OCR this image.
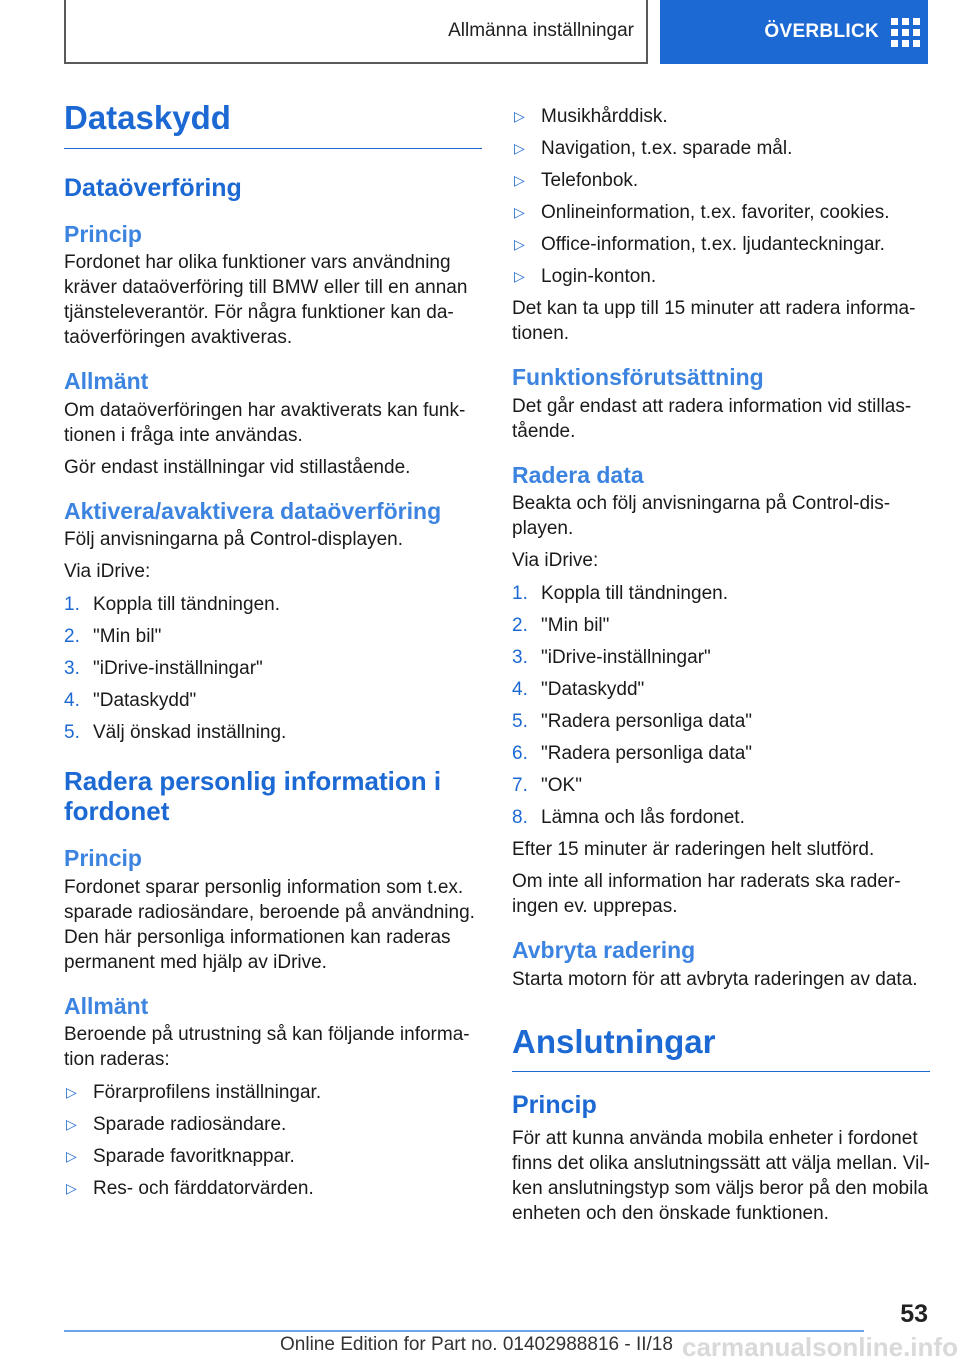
Allmänna inställningar	ÖVERBLICK
Dataskydd
Dataöverföring
Princip

Fordonet har olika funktioner vars användning kräver dataöverföring till BMW eller till en annan tjänsteleverantör. För några funktioner kan da-taöverföringen avaktiveras.

Allmänt

Om dataöverföringen har avaktiverats kan funk-tionen i fråga inte användas.

Gör endast inställningar vid stillastående.

Aktivera/avaktivera dataöverföring

Följ anvisningarna på Control-displayen.

Via iDrive:

1. Koppla till tändningen.
2. "Min bil"
3. "iDrive-inställningar"
4. "Dataskydd"
5. Välj önskad inställning.
Radera personlig information i fordonet
Princip

Fordonet sparar personlig information som t.ex. sparade radiosändare, beroende på användning. Den här personliga informationen kan raderas permanent med hjälp av iDrive.

Allmänt

Beroende på utrustning så kan följande informa-tion raderas:

▷ Förarprofilens inställningar.
▷ Sparade radiosändare.
▷ Sparade favoritknappar.
▷ Res- och färddatorvärden.
▷ Musikhårddisk.
▷ Navigation, t.ex. sparade mål.
▷ Telefonbok.
▷ Onlineinformation, t.ex. favoriter, cookies.
▷ Office-information, t.ex. ljudanteckningar.
▷ Login-konton.

Det kan ta upp till 15 minuter att radera informa-tionen.

Funktionsförutsättning

Det går endast att radera information vid stillas-tående.

Radera data

Beakta och följ anvisningarna på Control-dis-playen.

Via iDrive:

1. Koppla till tändningen.
2. "Min bil"
3. "iDrive-inställningar"
4. "Dataskydd"
5. "Radera personliga data"
6. "Radera personliga data"
7. "OK"
8. Lämna och lås fordonet.

Efter 15 minuter är raderingen helt slutförd.

Om inte all information har raderats ska rader-ingen ev. upprepas.

Avbryta radering

Starta motorn för att avbryta raderingen av data.

Anslutningar
Princip

För att kunna använda mobila enheter i fordonet finns det olika anslutningssätt att välja mellan. Vil-ken anslutningstyp som väljs beror på den mobila enheten och den önskade funktionen.

53
Online Edition for Part no. 01402988816 - II/18 carmanualsonline.info
